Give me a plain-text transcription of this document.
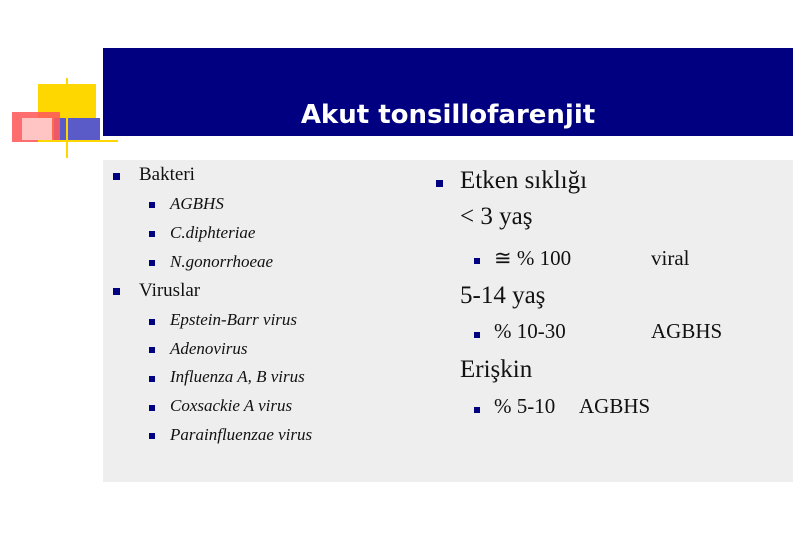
Akut tonsillofarenjit
Bakteri
AGBHS
C.diphteriae
N.gonorrhoeae
Viruslar
Epstein-Barr virus
Adenovirus
Influenza A, B virus
Coxsackie A virus
Parainfluenzae virus
Etken sıklığı
< 3 yaş
≅ % 100	viral
5-14 yaş
% 10-30	AGBHS
Erişkin
% 5-10 AGBHS
